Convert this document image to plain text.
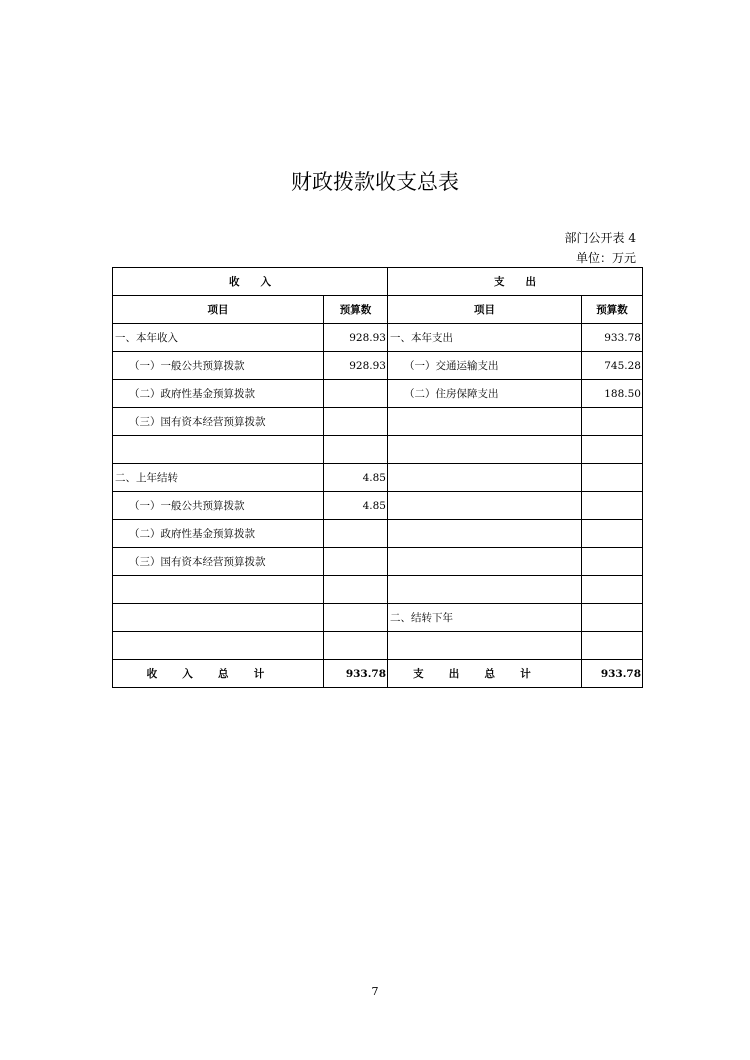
财政拨款收支总表
部门公开表 4
单位：万元
收　　入		支　　出	
项目	预算数	项目	预算数
一、本年收入	928.93	一、本年支出	933.78
（一）一般公共预算拨款	928.93	（一）交通运输支出	745.28
（二）政府性基金预算拨款		（二）住房保障支出	188.50
（三）国有资本经营预算拨款			

二、上年结转	4.85		
（一）一般公共预算拨款	4.85		
（二）政府性基金预算拨款			
（三）国有资本经营预算拨款			

		二、结转下年	

收入总计	933.78	支出总计	933.78
7
